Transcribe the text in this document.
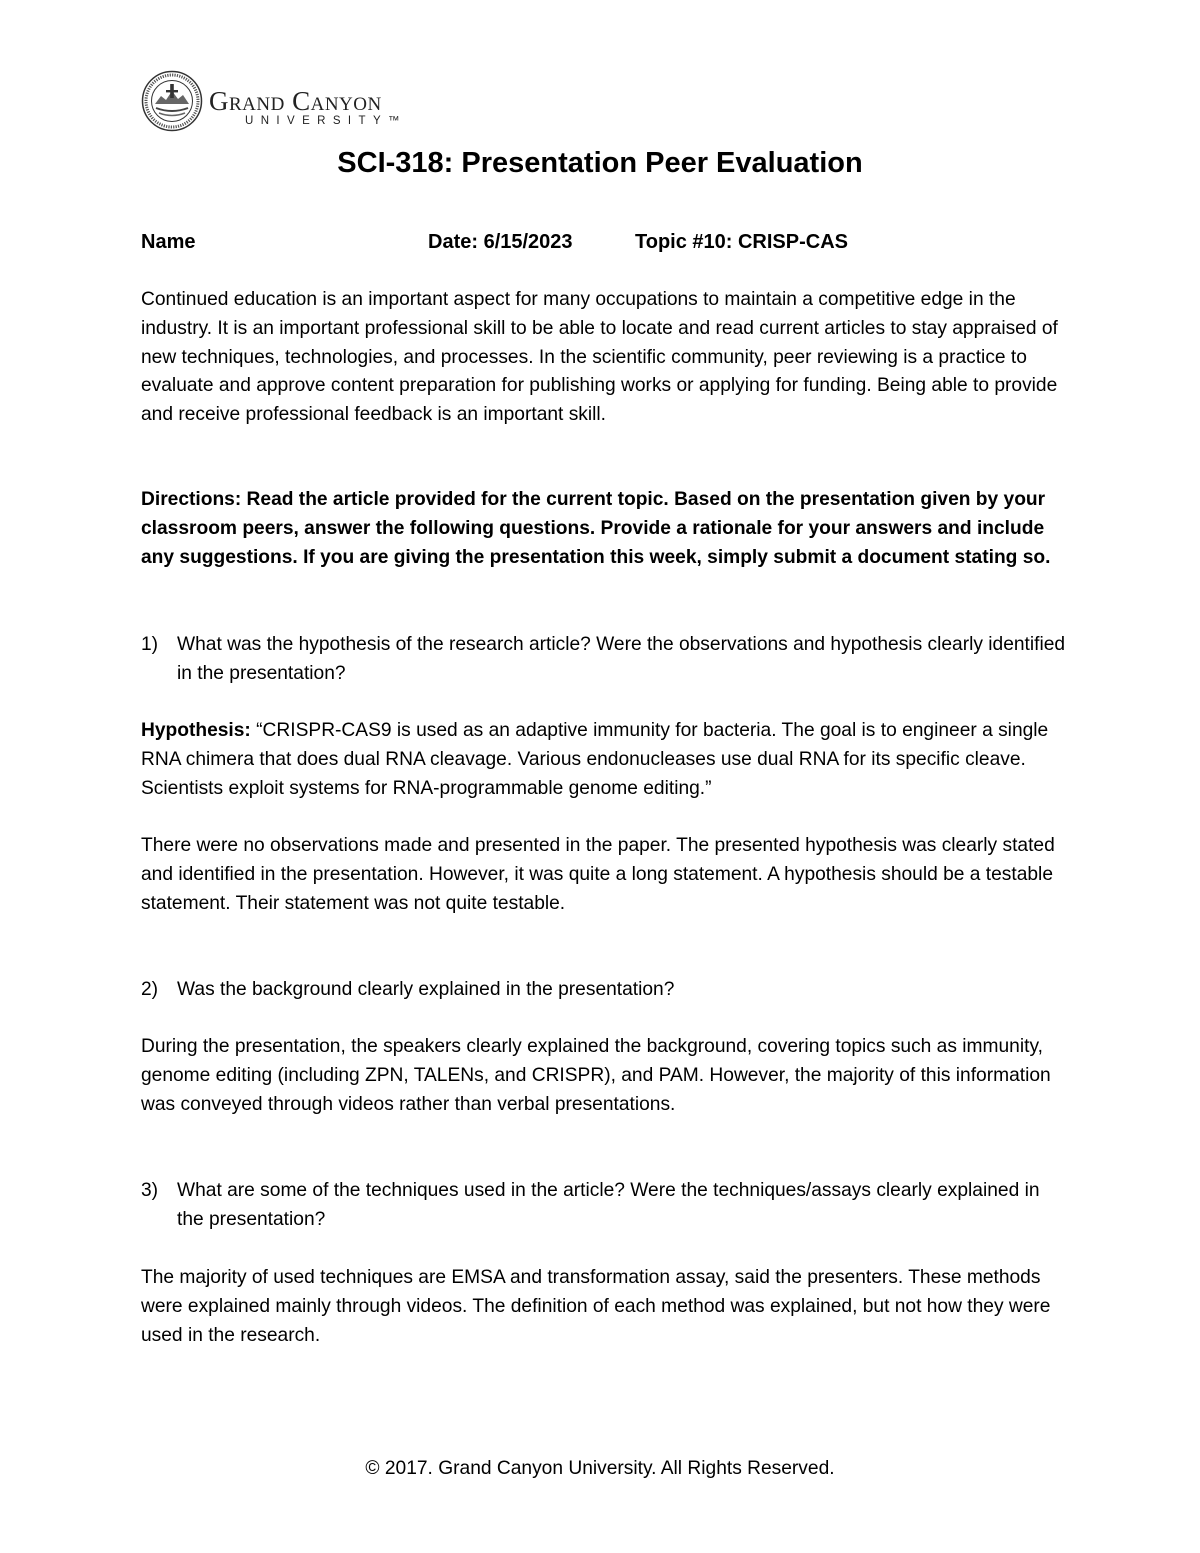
Grand Canyon
UNIVERSITY™
SCI-318: Presentation Peer Evaluation
Name	Date: 6/15/2023	Topic #10: CRISP-CAS

Continued education is an important aspect for many occupations to maintain a competitive edge in the industry. It is an important professional skill to be able to locate and read current articles to stay appraised of new techniques, technologies, and processes. In the scientific community, peer reviewing is a practice to evaluate and approve content preparation for publishing works or applying for funding. Being able to provide and receive professional feedback is an important skill.

Directions: Read the article provided for the current topic. Based on the presentation given by your classroom peers, answer the following questions. Provide a rationale for your answers and include any suggestions. If you are giving the presentation this week, simply submit a document stating so.

1) What was the hypothesis of the research article? Were the observations and hypothesis clearly identified in the presentation?

Hypothesis: “CRISPR-CAS9 is used as an adaptive immunity for bacteria. The goal is to engineer a single RNA chimera that does dual RNA cleavage. Various endonucleases use dual RNA for its specific cleave. Scientists exploit systems for RNA-programmable genome editing.”

There were no observations made and presented in the paper. The presented hypothesis was clearly stated and identified in the presentation. However, it was quite a long statement. A hypothesis should be a testable statement. Their statement was not quite testable.

2) Was the background clearly explained in the presentation?

During the presentation, the speakers clearly explained the background, covering topics such as immunity, genome editing (including ZPN, TALENs, and CRISPR), and PAM. However, the majority of this information was conveyed through videos rather than verbal presentations.

3) What are some of the techniques used in the article? Were the techniques/assays clearly explained in the presentation?

The majority of used techniques are EMSA and transformation assay, said the presenters. These methods were explained mainly through videos. The definition of each method was explained, but not how they were used in the research.

© 2017. Grand Canyon University. All Rights Reserved.
